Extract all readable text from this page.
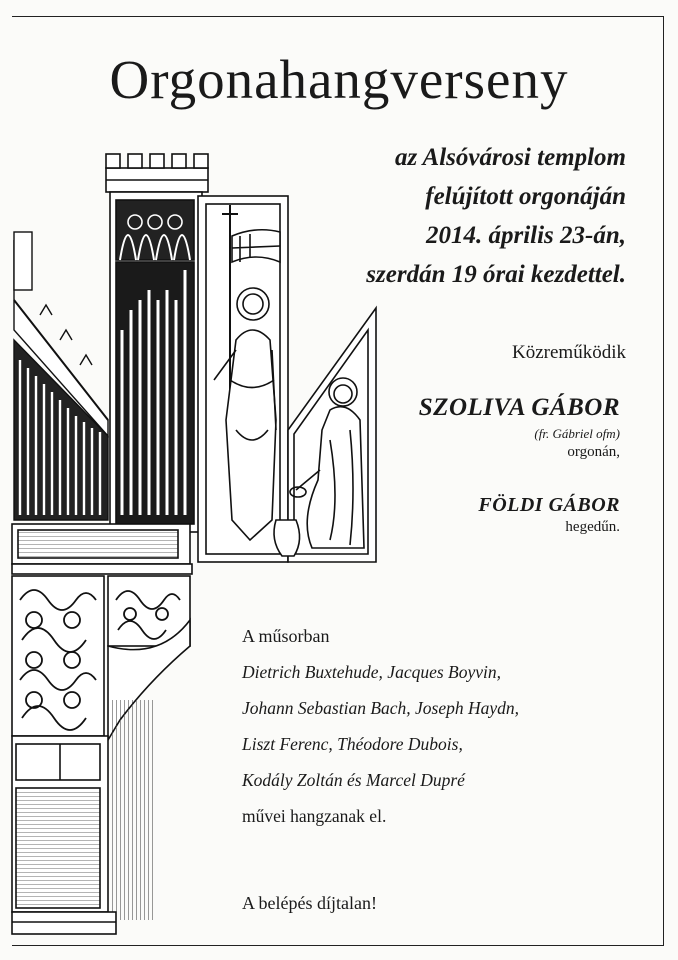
Orgonahangverseny
az Alsóvárosi templom
felújított orgonáján
2014. április 23-án,
szerdán 19 órai kezdettel.
Közreműködik
SZOLIVA GÁBOR
(fr. Gábriel ofm)
orgonán,
FÖLDI GÁBOR
hegedűn.
A műsorban
Dietrich Buxtehude, Jacques Boyvin,
Johann Sebastian Bach, Joseph Haydn,
Liszt Ferenc, Théodore Dubois,
Kodály Zoltán és Marcel Dupré
művei hangzanak el.
A belépés díjtalan!
